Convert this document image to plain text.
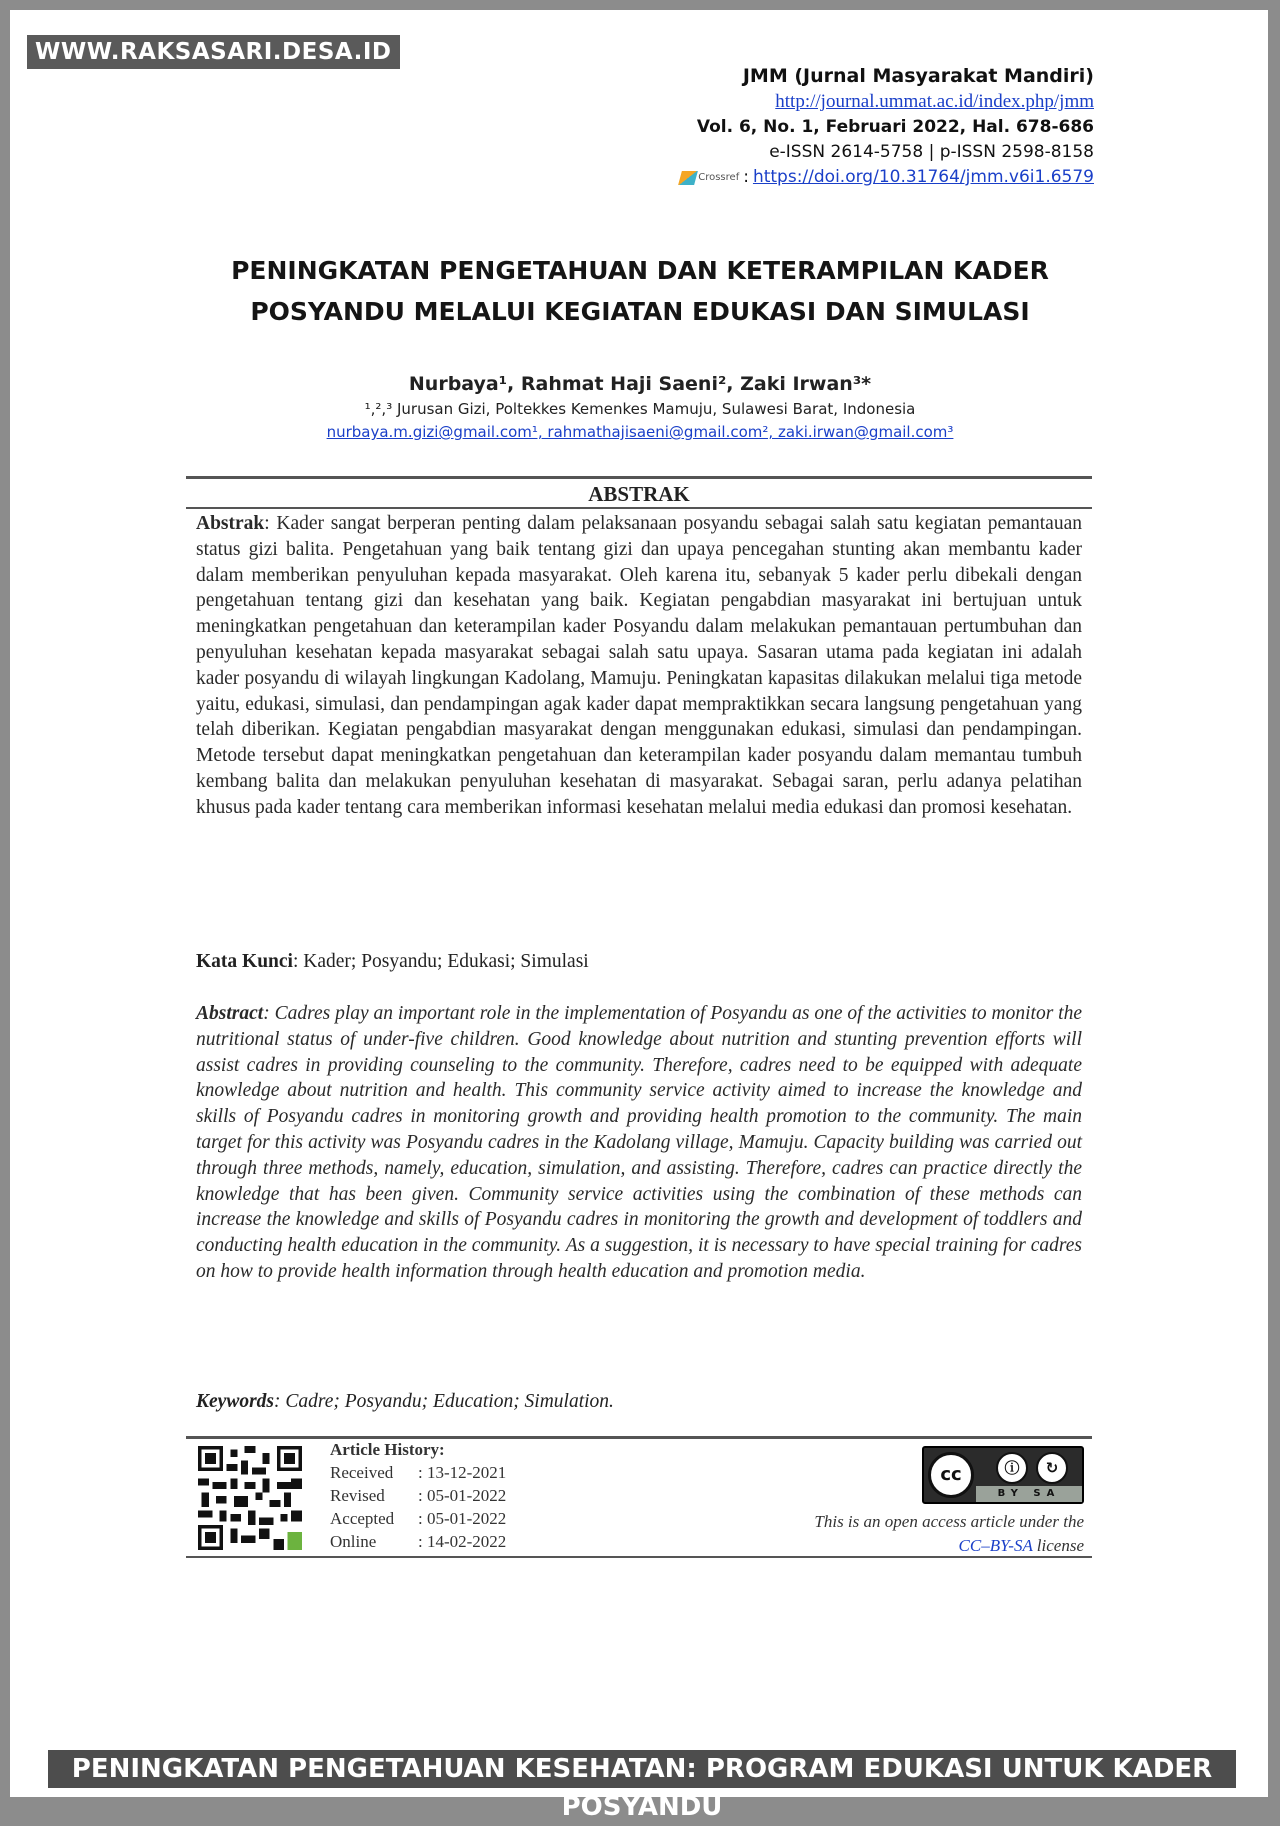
WWW.RAKSASARI.DESA.ID
JMM (Jurnal Masyarakat Mandiri)
http://journal.ummat.ac.id/index.php/jmm
Vol. 6, No. 1, Februari 2022, Hal. 678-686
e-ISSN 2614-5758 | p-ISSN 2598-8158
Crossref : https://doi.org/10.31764/jmm.v6i1.6579
PENINGKATAN PENGETAHUAN DAN KETERAMPILAN KADER
POSYANDU MELALUI KEGIATAN EDUKASI DAN SIMULASI
Nurbaya¹, Rahmat Haji Saeni², Zaki Irwan³*
¹,²,³ Jurusan Gizi, Poltekkes Kemenkes Mamuju, Sulawesi Barat, Indonesia
nurbaya.m.gizi@gmail.com¹, rahmathajisaeni@gmail.com², zaki.irwan@gmail.com³
ABSTRAK
Abstrak: Kader sangat berperan penting dalam pelaksanaan posyandu sebagai salah satu kegiatan pemantauan status gizi balita. Pengetahuan yang baik tentang gizi dan upaya pencegahan stunting akan membantu kader dalam memberikan penyuluhan kepada masyarakat. Oleh karena itu, sebanyak 5 kader perlu dibekali dengan pengetahuan tentang gizi dan kesehatan yang baik. Kegiatan pengabdian masyarakat ini bertujuan untuk meningkatkan pengetahuan dan keterampilan kader Posyandu dalam melakukan pemantauan pertumbuhan dan penyuluhan kesehatan kepada masyarakat sebagai salah satu upaya. Sasaran utama pada kegiatan ini adalah kader posyandu di wilayah lingkungan Kadolang, Mamuju. Peningkatan kapasitas dilakukan melalui tiga metode yaitu, edukasi, simulasi, dan pendampingan agak kader dapat mempraktikkan secara langsung pengetahuan yang telah diberikan. Kegiatan pengabdian masyarakat dengan menggunakan edukasi, simulasi dan pendampingan. Metode tersebut dapat meningkatkan pengetahuan dan keterampilan kader posyandu dalam memantau tumbuh kembang balita dan melakukan penyuluhan kesehatan di masyarakat. Sebagai saran, perlu adanya pelatihan khusus pada kader tentang cara memberikan informasi kesehatan melalui media edukasi dan promosi kesehatan.
Kata Kunci: Kader; Posyandu; Edukasi; Simulasi
Abstract: Cadres play an important role in the implementation of Posyandu as one of the activities to monitor the nutritional status of under-five children. Good knowledge about nutrition and stunting prevention efforts will assist cadres in providing counseling to the community. Therefore, cadres need to be equipped with adequate knowledge about nutrition and health. This community service activity aimed to increase the knowledge and skills of Posyandu cadres in monitoring growth and providing health promotion to the community. The main target for this activity was Posyandu cadres in the Kadolang village, Mamuju. Capacity building was carried out through three methods, namely, education, simulation, and assisting. Therefore, cadres can practice directly the knowledge that has been given. Community service activities using the combination of these methods can increase the knowledge and skills of Posyandu cadres in monitoring the growth and development of toddlers and conducting health education in the community. As a suggestion, it is necessary to have special training for cadres on how to provide health information through health education and promotion media.
Keywords: Cadre; Posyandu; Education; Simulation.
Article History:
Received : 13-12-2021
Revised : 05-01-2022
Accepted : 05-01-2022
Online : 14-02-2022
cc	ⓘ	↻
BY SA
This is an open access article under the
CC–BY-SA license
PENINGKATAN PENGETAHUAN KESEHATAN: PROGRAM EDUKASI UNTUK KADER POSYANDU
